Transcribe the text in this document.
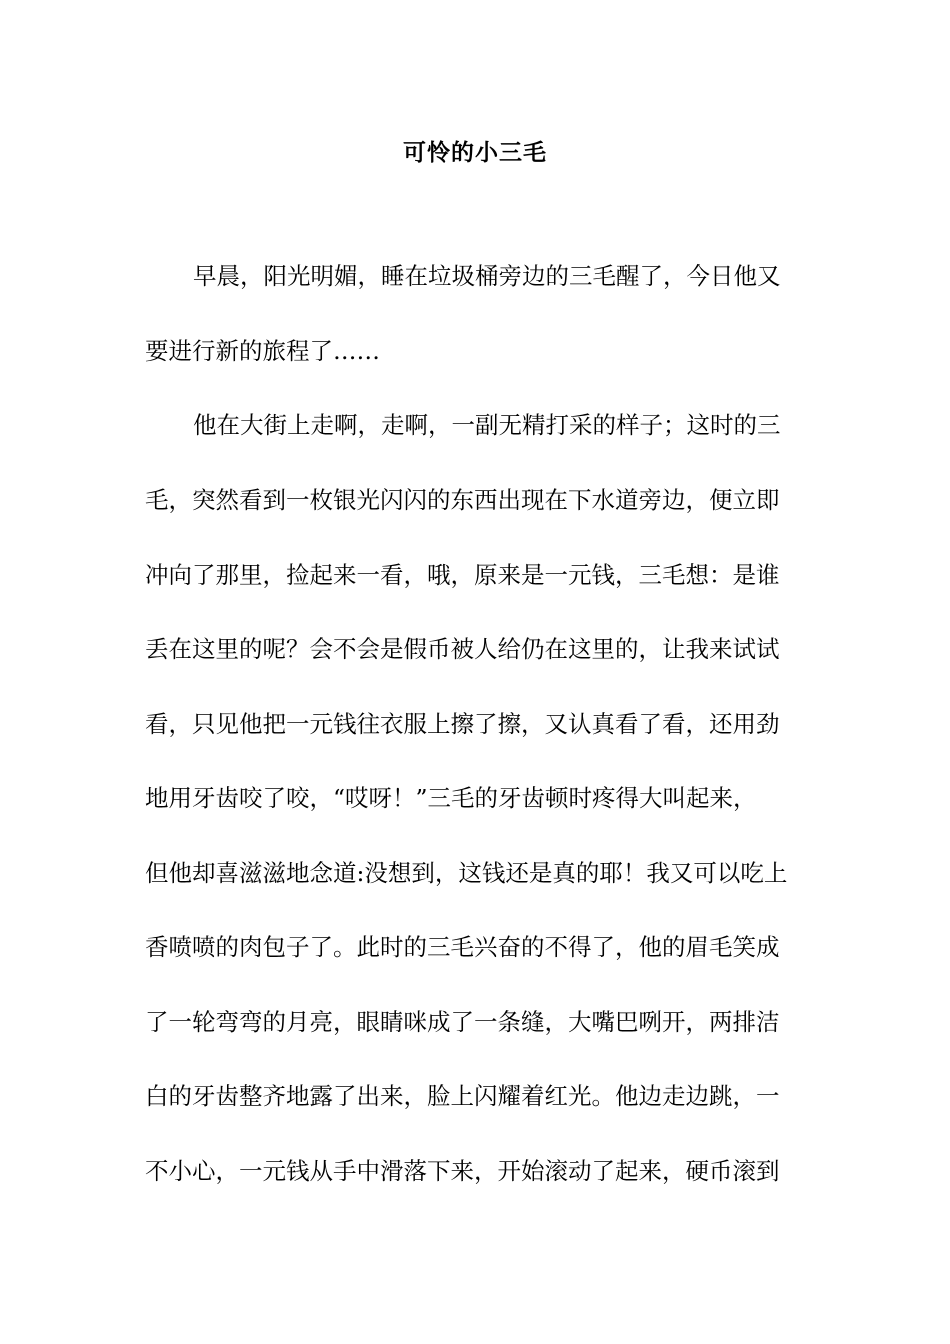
可怜的小三毛
早晨，阳光明媚，睡在垃圾桶旁边的三毛醒了，今日他又
要进行新的旅程了……
他在大街上走啊，走啊，一副无精打采的样子；这时的三
毛，突然看到一枚银光闪闪的东西出现在下水道旁边，便立即
冲向了那里，捡起来一看，哦，原来是一元钱，三毛想：是谁
丢在这里的呢？会不会是假币被人给仍在这里的，让我来试试
看，只见他把一元钱往衣服上擦了擦，又认真看了看，还用劲
地用牙齿咬了咬，“哎呀！”三毛的牙齿顿时疼得大叫起来，
但他却喜滋滋地念道:没想到，这钱还是真的耶！我又可以吃上
香喷喷的肉包子了。此时的三毛兴奋的不得了，他的眉毛笑成
了一轮弯弯的月亮，眼睛咪成了一条缝，大嘴巴咧开，两排洁
白的牙齿整齐地露了出来，脸上闪耀着红光。他边走边跳，一
不小心，一元钱从手中滑落下来，开始滚动了起来，硬币滚到
